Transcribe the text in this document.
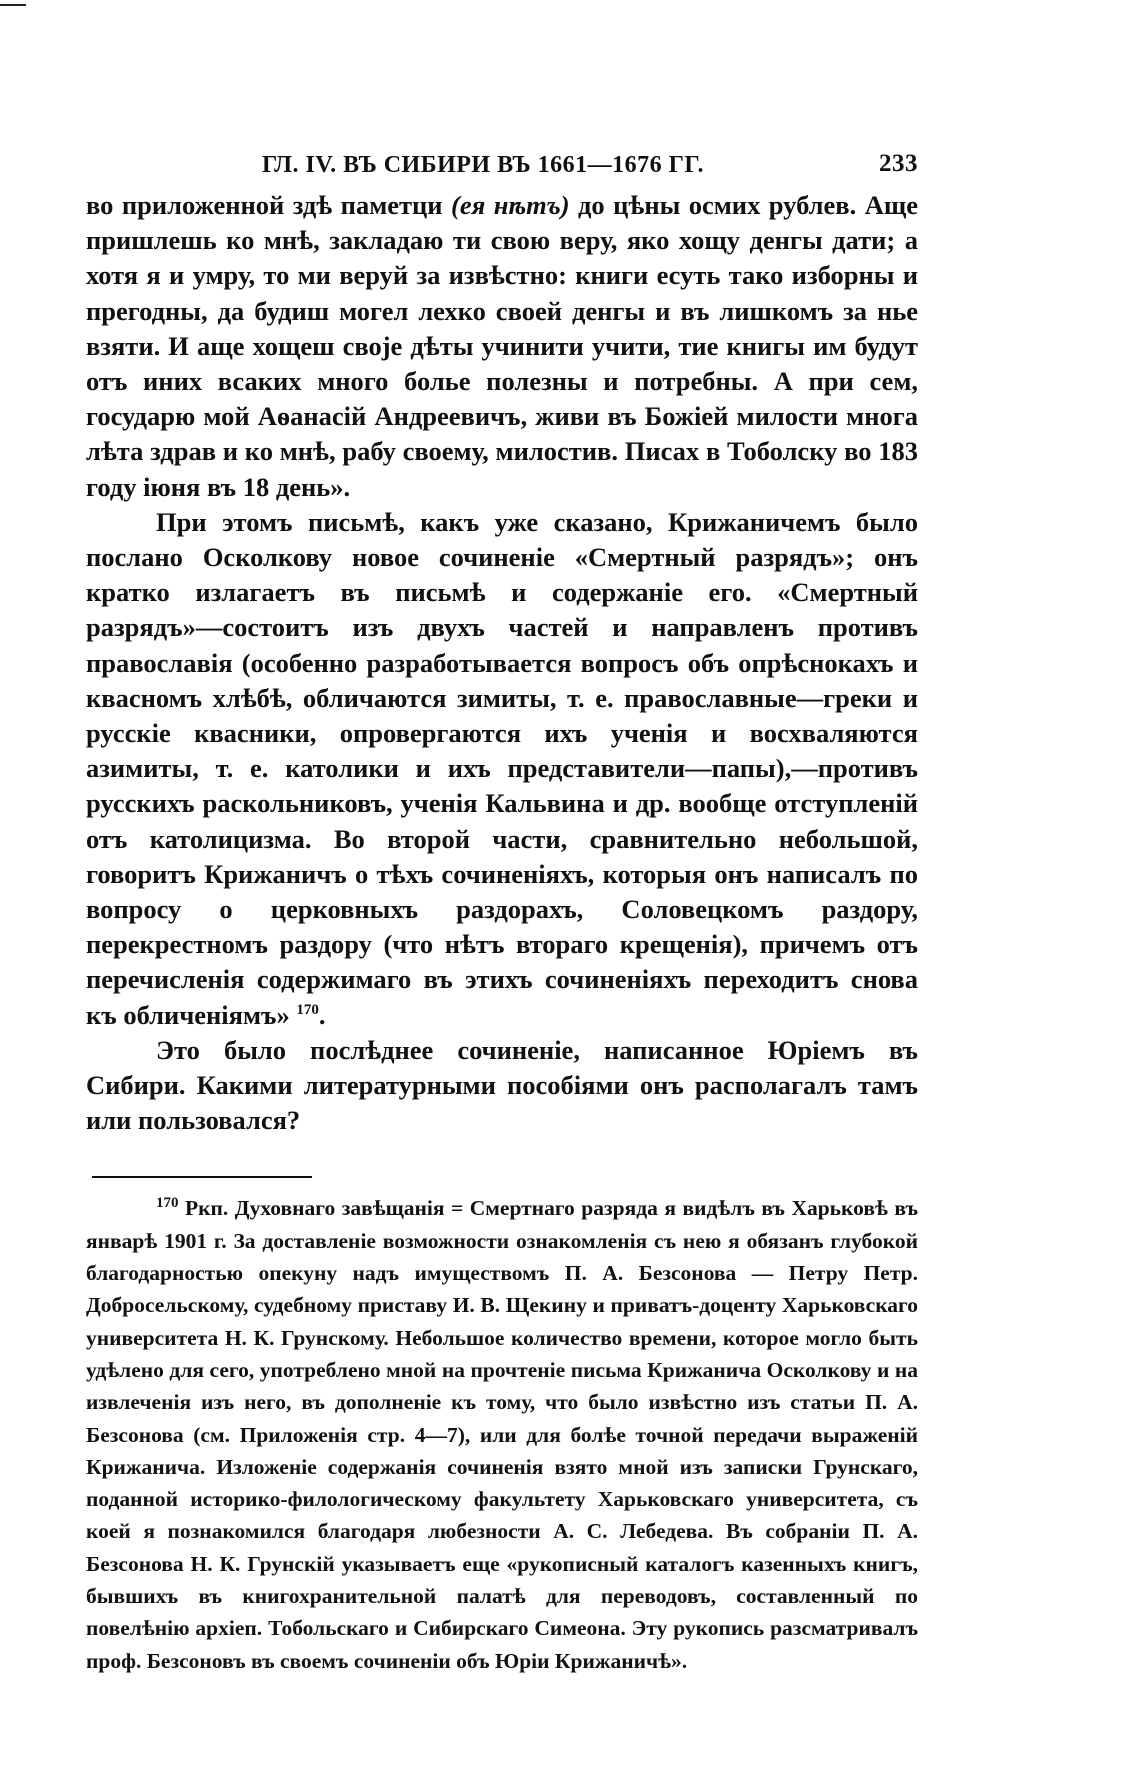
ГЛ. IV. ВЪ СИБИРИ ВЪ 1661—1676 ГГ.	233

во приложенной здѣ паметци (ея нѣтъ) до цѣны осмих рублев. Аще пришлешь ко мнѣ, закладаю ти свою веру, яко хощу денгы дати; а хотя я и умру, то ми веруй за извѣстно: книги есуть тако изборны и прегодны, да будиш могел лехко своей денгы и въ лишкомъ за нье взяти. И аще хощеш своје дѣты учинити учити, тие книгы им будут отъ иних всаких много болье полезны и потребны. А при сем, государю мой Аѳанасій Андреевичъ, живи въ Божіей милости многа лѣта здрав и ко мнѣ, рабу своему, милостив. Писах в Тоболску во 183 году іюня въ 18 день».

При этомъ письмѣ, какъ уже сказано, Крижаничемъ было послано Осколкову новое сочиненіе «Смертный разрядъ»; онъ кратко излагаетъ въ письмѣ и содержаніе его. «Смертный разрядъ»—состоитъ изъ двухъ частей и направленъ противъ православія (особенно разработывается вопросъ объ опрѣснокахъ и квасномъ хлѣбѣ, обличаются зимиты, т. е. православные—греки и русскіе квасники, опровергаются ихъ ученія и восхваляются азимиты, т. е. католики и ихъ представители—папы),—противъ русскихъ раскольниковъ, ученія Кальвина и др. вообще отступленій отъ католицизма. Во второй части, сравнительно небольшой, говоритъ Крижаничъ о тѣхъ сочиненіяхъ, которыя онъ написалъ по вопросу о церковныхъ раздорахъ, Соловецкомъ раздору, перекрестномъ раздору (что нѣтъ втораго крещенія), причемъ отъ перечисленія содержимаго въ этихъ сочиненіяхъ переходитъ снова къ обличеніямъ» $^{170}$.

Это было послѣднее сочиненіе, написанное Юріемъ въ Сибири. Какими литературными пособіями онъ располагалъ тамъ или пользовался?

$^{170}$ Ркп. Духовнаго завѣщанія = Смертнаго разряда я видѣлъ въ Харьковѣ въ январѣ 1901 г. За доставленіе возможности ознакомленія съ нею я обязанъ глубокой благодарностью опекуну надъ имуществомъ П. А. Безсонова — Петру Петр. Добросельскому, судебному приставу И. В. Щекину и приватъ-доценту Харьковскаго университета Н. К. Грунскому. Небольшое количество времени, которое могло быть удѣлено для сего, употреблено мной на прочтеніе письма Крижанича Осколкову и на извлеченія изъ него, въ дополненіе къ тому, что было извѣстно изъ статьи П. А. Безсонова (см. Приложенія стр. 4—7), или для болѣе точной передачи выраженій Крижанича. Изложеніе содержанія сочиненія взято мной изъ записки Грунскаго, поданной историко-филологическому факультету Харьковскаго университета, съ коей я познакомился благодаря любезности А. С. Лебедева. Въ собраніи П. А. Безсонова Н. К. Грунскій указываетъ еще «рукописный каталогъ казенныхъ книгъ, бывшихъ въ книгохранительной палатѣ для переводовъ, составленный по повелѣнію архіеп. Тобольскаго и Сибирскаго Симеона. Эту рукопись разсматривалъ проф. Безсоновъ въ своемъ сочиненіи объ Юріи Крижаничѣ».
